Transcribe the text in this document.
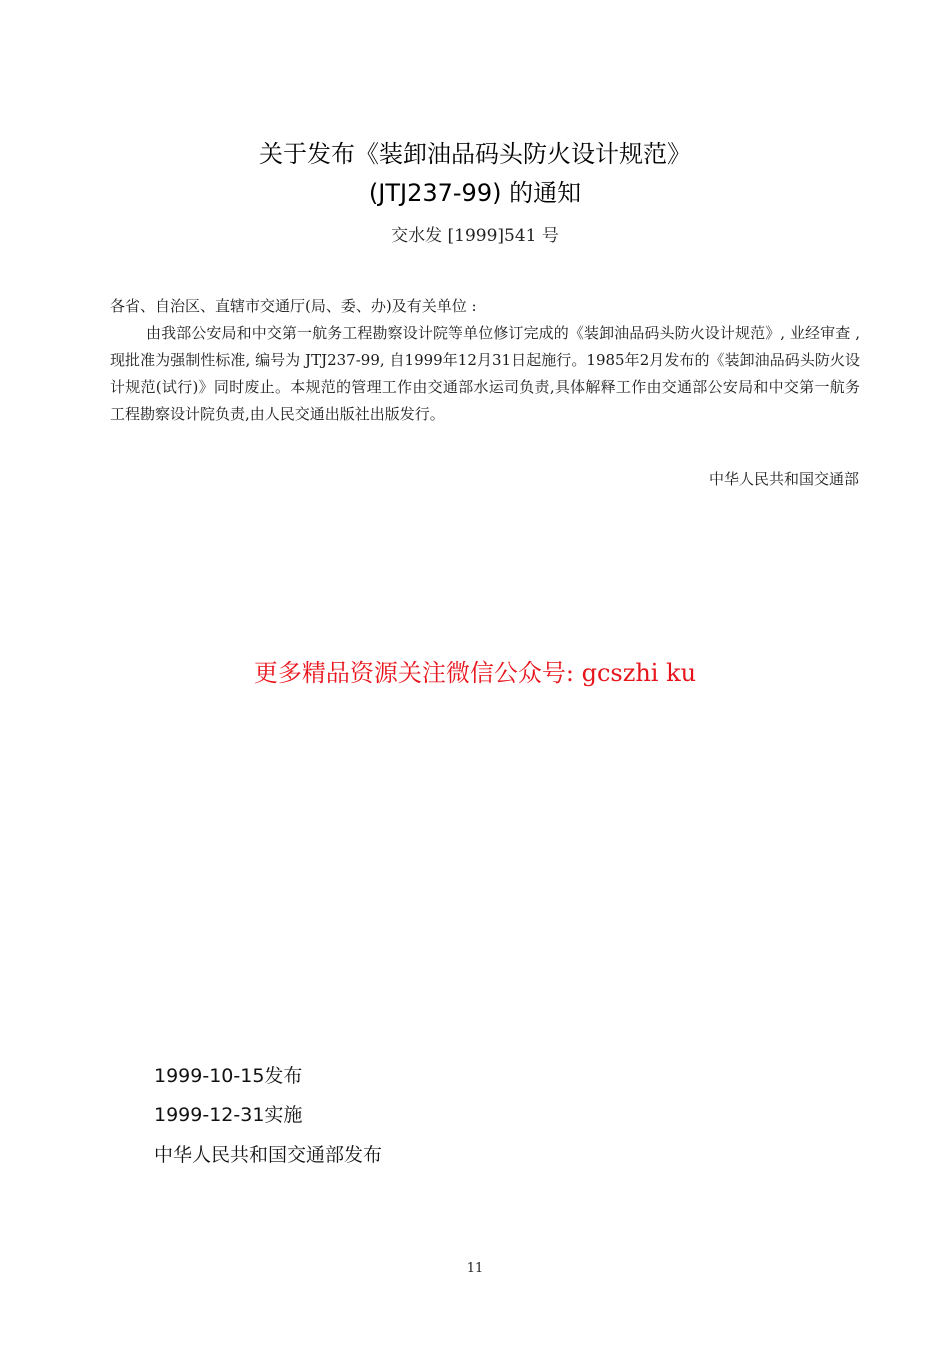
关于发布《装卸油品码头防火设计规范》
(JTJ237-99) 的通知
交水发 [1999]541 号
各省、自治区、直辖市交通厅(局、委、办)及有关单位 :
由我部公安局和中交第一航务工程勘察设计院等单位修订完成的《装卸油品码头防火设计规范》, 业经审查 , 现批准为强制性标准, 编号为 JTJ237-99, 自1999年12月31日起施行。1985年2月发布的《装卸油品码头防火设计规范(试行)》同时废止。本规范的管理工作由交通部水运司负责,具体解释工作由交通部公安局和中交第一航务工程勘察设计院负责,由人民交通出版社出版发行。
中华人民共和国交通部
更多精品资源关注微信公众号: gcszhi ku
1999-10-15发布
1999-12-31实施
中华人民共和国交通部发布
11
